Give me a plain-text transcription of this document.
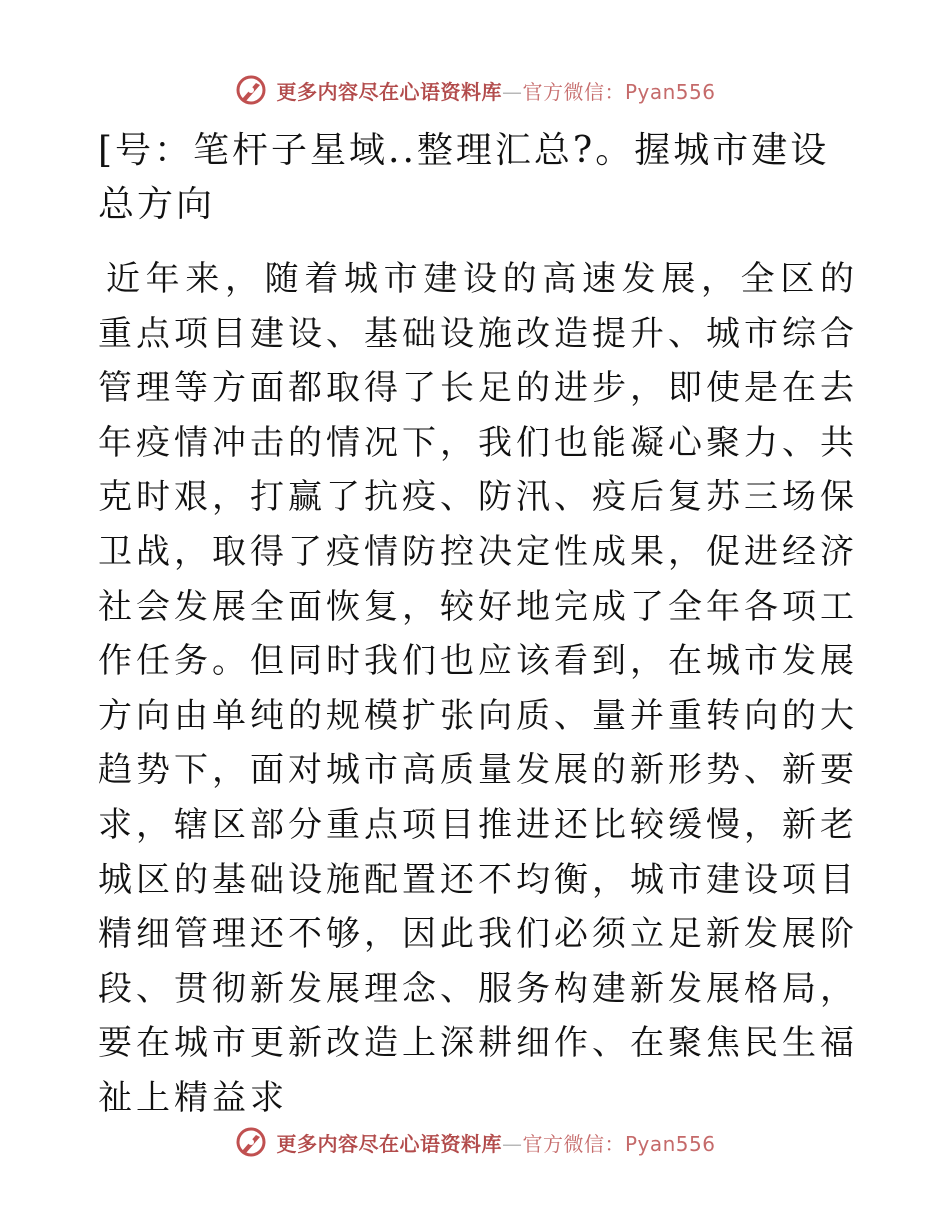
更多内容尽在心语资料库—官方微信：Pyan556
[号：笔杆子星域..整理汇总?。握城市建设总方向

近年来，随着城市建设的高速发展，全区的重点项目建设、基础设施改造提升、城市综合管理等方面都取得了长足的进步，即使是在去年疫情冲击的情况下，我们也能凝心聚力、共克时艰，打赢了抗疫、防汛、疫后复苏三场保卫战，取得了疫情防控决定性成果，促进经济社会发展全面恢复，较好地完成了全年各项工作任务。但同时我们也应该看到，在城市发展方向由单纯的规模扩张向质、量并重转向的大趋势下，面对城市高质量发展的新形势、新要求，辖区部分重点项目推进还比较缓慢，新老城区的基础设施配置还不均衡，城市建设项目精细管理还不够，因此我们必须立足新发展阶段、贯彻新发展理念、服务构建新发展格局，要在城市更新改造上深耕细作、在聚焦民生福祉上精益求

更多内容尽在心语资料库—官方微信：Pyan556
